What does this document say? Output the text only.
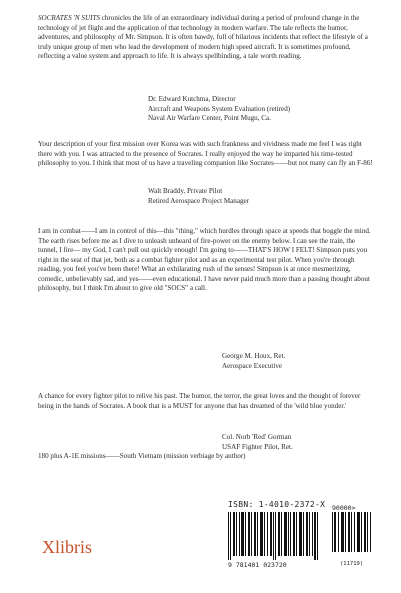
SOCRATES 'N SUITS chronicles the life of an extraordinary individual during a period of profound change in the technology of jet flight and the application of that technology in modern warfare. The tale reflects the humor, adventures, and philosophy of Mr. Simpson. It is often bawdy, full of hilarious incidents that reflect the lifestyle of a truly unique group of men who lead the development of modern high speed aircraft. It is sometimes profound, reflecting a value system and approach to life. It is always spellbinding, a tale worth reading.

Dr. Edward Kutchma, Director
Aircraft and Weapons System Evaluation (retired)
Naval Air Warfare Center, Point Mugu, Ca.

Your description of your first mission over Korea was with such frankness and vividness made me feel I was right there with you. I was attracted to the presence of Socrates. I really enjoyed the way he imparted his time-tested philosophy to you. I think that most of us have a traveling companion like Socrates——but not many can fly an F-86!

Walt Braddy, Private Pilot
Retired Aerospace Project Manager

I am in combat——I am in control of this—this "thing," which hurdles through space at speeds that boggle the mind. The earth rises before me as I dive to unleash unheard of fire-power on the enemy below. I can see the train, the tunnel, I fire— my God, I can't pull out quickly enough! I'm going to——THAT'S HOW I FELT! Simpson puts you right in the seat of that jet, both as a combat fighter pilot and as an experimental test pilot. When you're through reading, you feel you've been there! What an exhilarating rush of the senses! Simpson is at once mesmerizing, comedic, unbelievably sad, and yes——even educational. I have never paid much more than a passing thought about philosophy, but I think I'm about to give old "SOCS" a call.

George M. Houx, Ret.
Aerospace Executive

A chance for every fighter pilot to relive his past. The humor, the terror, the great loves and the thought of forever being in the hands of Socrates. A book that is a MUST for anyone that has dreamed of the 'wild blue yonder.'

Col. Norb 'Red' Gorman
USAF Fighter Pilot, Ret.
180 plus A-1E missions——South Vietnam (mission verbiage by author)
Xlibris
ISBN: 1-4010-2372-X 90000>
9 781401 023720	(11719)
